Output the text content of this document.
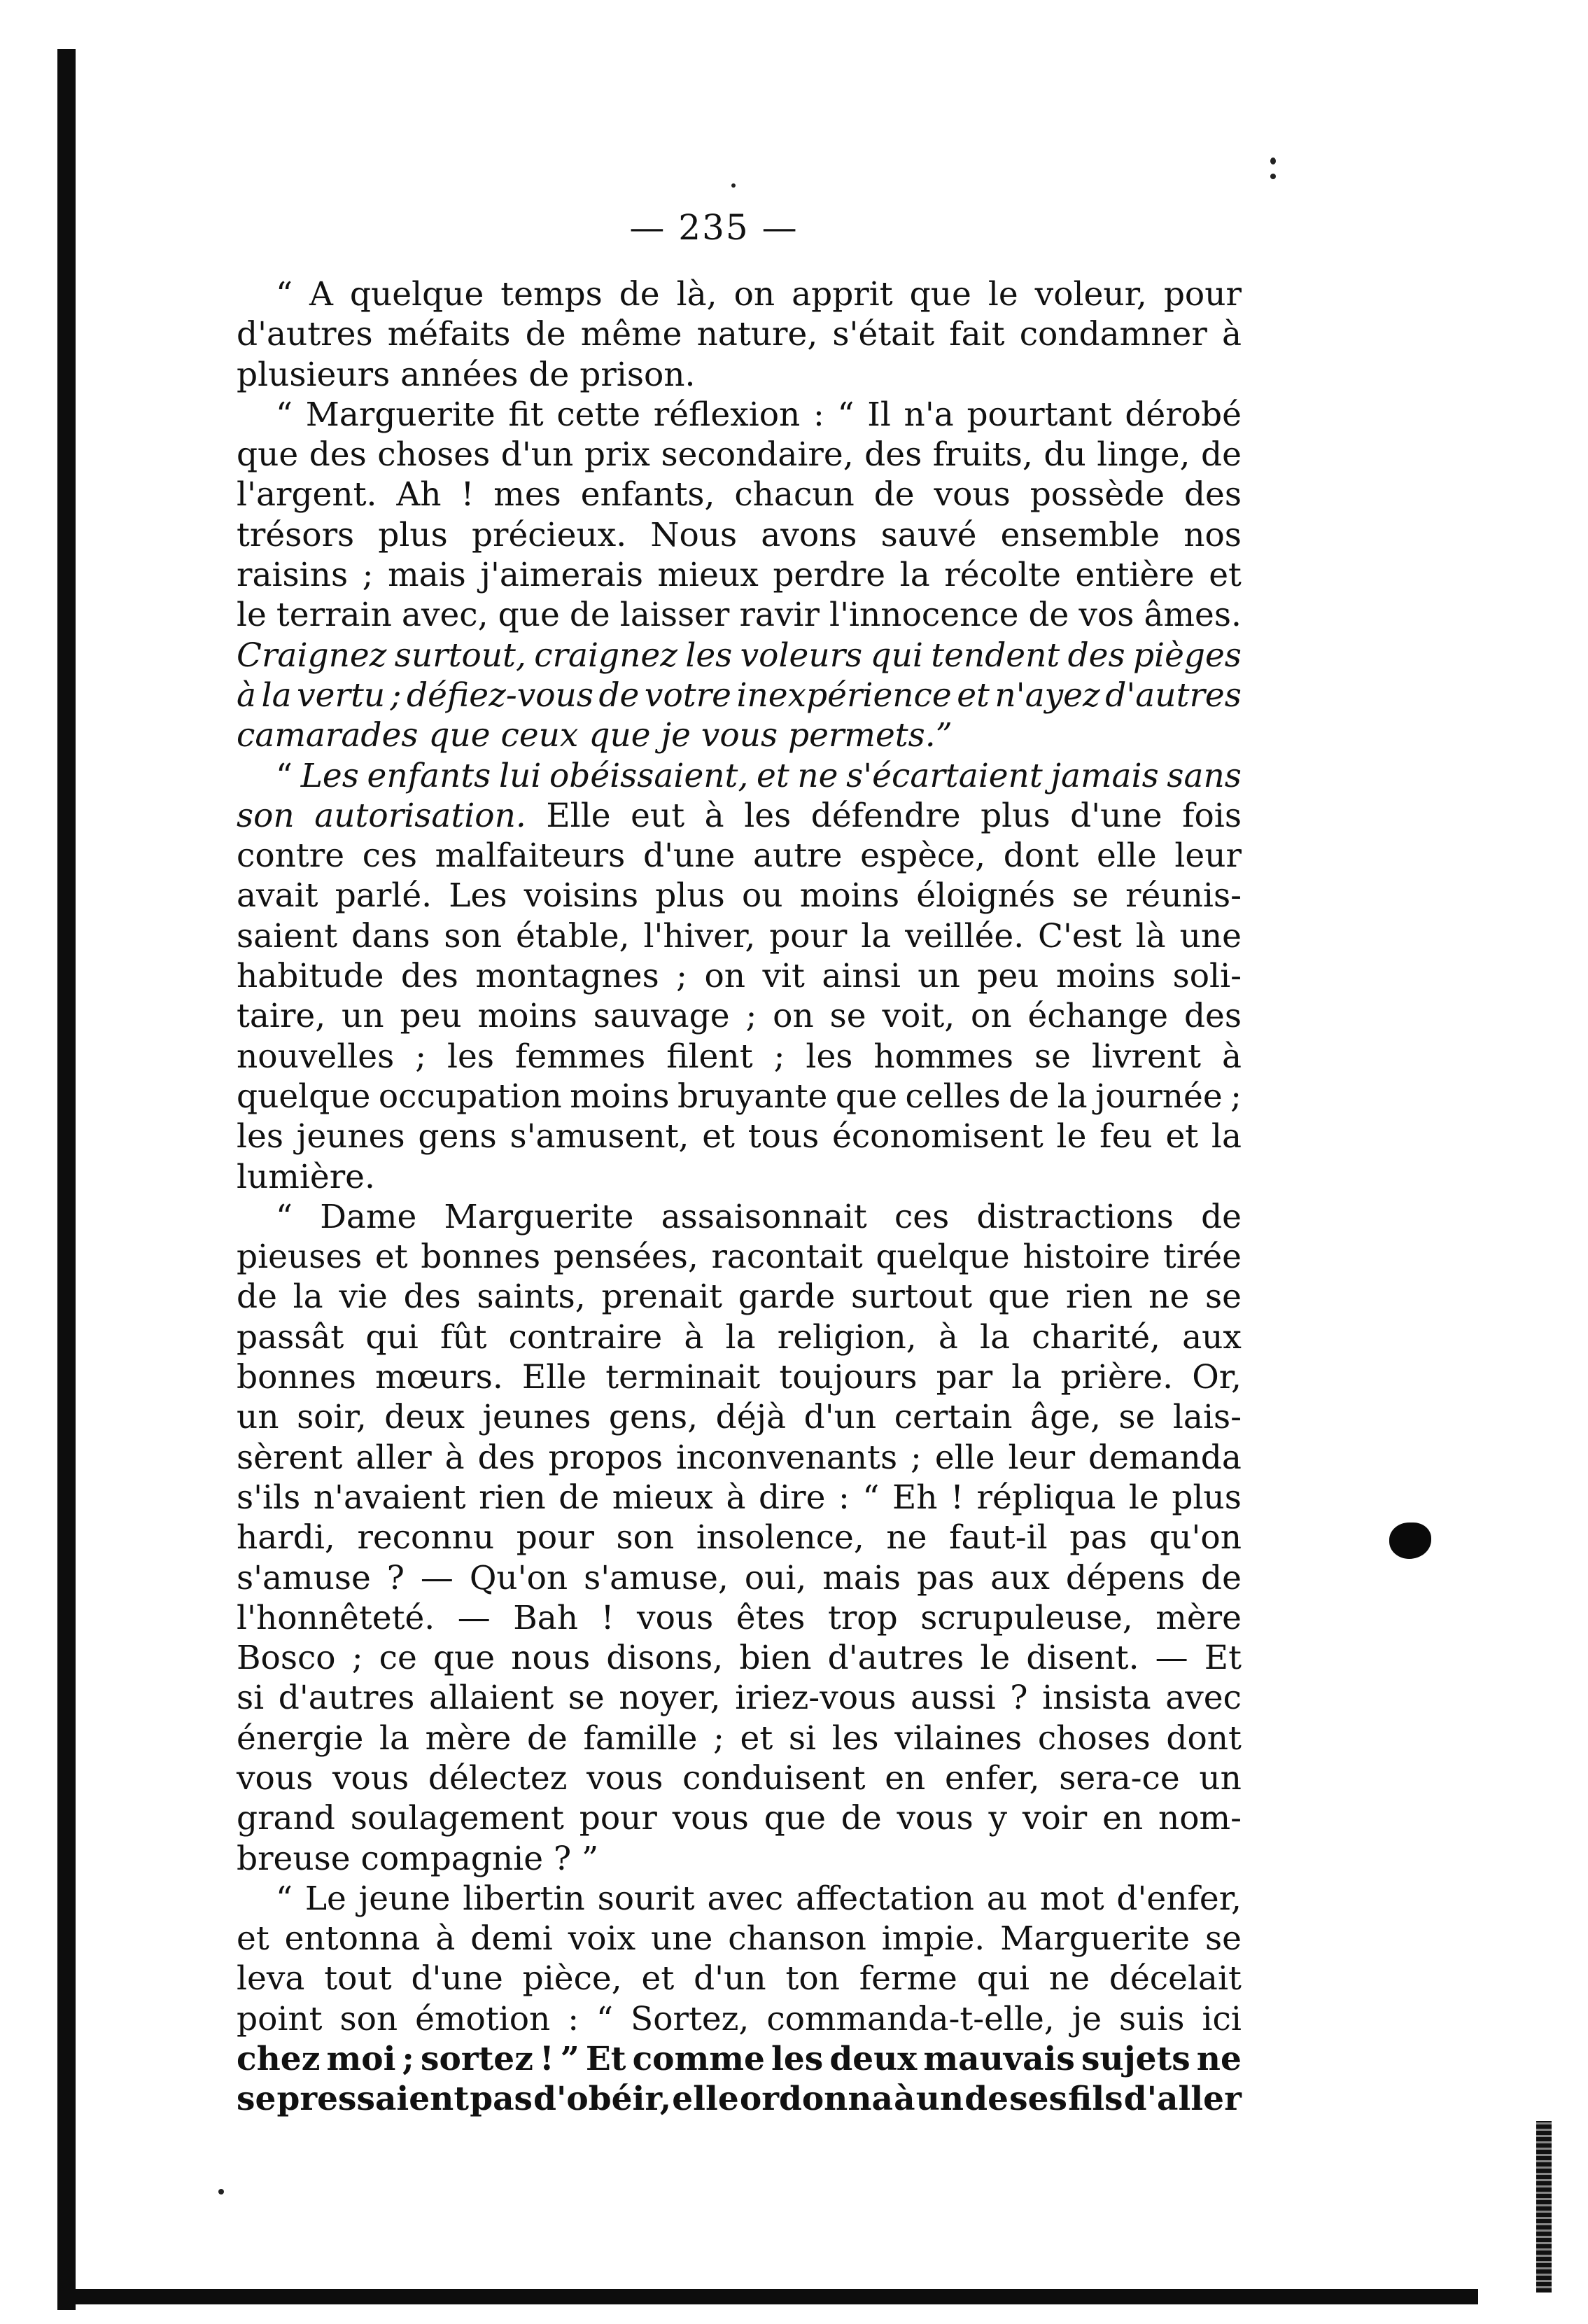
— 235 —
“ A quelque temps de là, on apprit que le voleur, pour
d'autres méfaits de même nature, s'était fait condamner à
plusieurs années de prison.
“ Marguerite fit cette réflexion : “ Il n'a pourtant dérobé
que des choses d'un prix secondaire, des fruits, du linge, de
l'argent. Ah ! mes enfants, chacun de vous possède des
trésors plus précieux. Nous avons sauvé ensemble nos
raisins ; mais j'aimerais mieux perdre la récolte entière et
le terrain avec, que de laisser ravir l'innocence de vos âmes.
Craignez surtout, craignez les voleurs qui tendent des pièges
à la vertu ; défiez-vous de votre inexpérience et n'ayez d'autres
camarades que ceux que je vous permets.”
“ Les enfants lui obéissaient, et ne s'écartaient jamais sans
son autorisation. Elle eut à les défendre plus d'une fois
contre ces malfaiteurs d'une autre espèce, dont elle leur
avait parlé. Les voisins plus ou moins éloignés se réunis-
saient dans son étable, l'hiver, pour la veillée. C'est là une
habitude des montagnes ; on vit ainsi un peu moins soli-
taire, un peu moins sauvage ; on se voit, on échange des
nouvelles ; les femmes filent ; les hommes se livrent à
quelque occupation moins bruyante que celles de la journée ;
les jeunes gens s'amusent, et tous économisent le feu et la
lumière.
“ Dame Marguerite assaisonnait ces distractions de
pieuses et bonnes pensées, racontait quelque histoire tirée
de la vie des saints, prenait garde surtout que rien ne se
passât qui fût contraire à la religion, à la charité, aux
bonnes mœurs. Elle terminait toujours par la prière. Or,
un soir, deux jeunes gens, déjà d'un certain âge, se lais-
sèrent aller à des propos inconvenants ; elle leur demanda
s'ils n'avaient rien de mieux à dire : “ Eh ! répliqua le plus
hardi, reconnu pour son insolence, ne faut-il pas qu'on
s'amuse ? — Qu'on s'amuse, oui, mais pas aux dépens de
l'honnêteté. — Bah ! vous êtes trop scrupuleuse, mère
Bosco ; ce que nous disons, bien d'autres le disent. — Et
si d'autres allaient se noyer, iriez-vous aussi ? insista avec
énergie la mère de famille ; et si les vilaines choses dont
vous vous délectez vous conduisent en enfer, sera-ce un
grand soulagement pour vous que de vous y voir en nom-
breuse compagnie ? ”
“ Le jeune libertin sourit avec affectation au mot d'enfer,
et entonna à demi voix une chanson impie. Marguerite se
leva tout d'une pièce, et d'un ton ferme qui ne décelait
point son émotion : “ Sortez, commanda-t-elle, je suis ici
chez moi ; sortez ! ” Et comme les deux mauvais sujets ne
se pressaient pas d'obéir, elle ordonna à un de ses fils d'aller
